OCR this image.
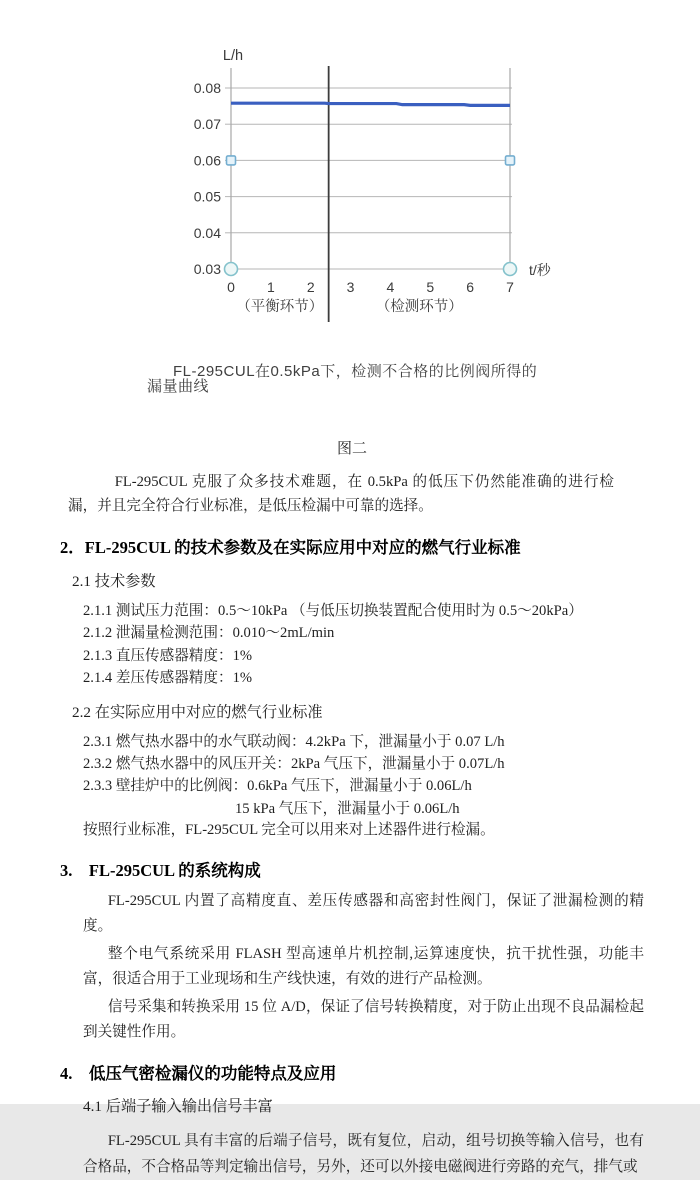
0.03
0.04
0.05
0.06
0.07
0.08
L/h
t/秒
0 1 2 3 4 5 6 7
（平衡环节）	（检测环节）
FL-295CUL在0.5kPa下，检测不合格的比例阀所得的
漏量曲线
图二

FL-295CUL 克服了众多技术难题，在 0.5kPa 的低压下仍然能准确的进行检漏，并且完全符合行业标准，是低压检漏中可靠的选择。

2．FL-295CUL 的技术参数及在实际应用中对应的燃气行业标准
2.1 技术参数
2.1.1 测试压力范围：0.5～10kPa （与低压切换装置配合使用时为 0.5～20kPa）
2.1.2 泄漏量检测范围：0.010～2mL/min
2.1.3 直压传感器精度：1%
2.1.4 差压传感器精度：1%
2.2 在实际应用中对应的燃气行业标准
2.3.1 燃气热水器中的水气联动阀：4.2kPa 下，泄漏量小于 0.07 L/h
2.3.2 燃气热水器中的风压开关：2kPa 气压下，泄漏量小于 0.07L/h
2.3.3 壁挂炉中的比例阀：0.6kPa 气压下，泄漏量小于 0.06L/h
15 kPa 气压下，泄漏量小于 0.06L/h
按照行业标准，FL-295CUL 完全可以用来对上述器件进行检漏。
3.　FL-295CUL 的系统构成

FL-295CUL 内置了高精度直、差压传感器和高密封性阀门，保证了泄漏检测的精度。

整个电气系统采用 FLASH 型高速单片机控制,运算速度快，抗干扰性强，功能丰富，很适合用于工业现场和生产线快速，有效的进行产品检测。

信号采集和转换采用 15 位 A/D，保证了信号转换精度，对于防止出现不良品漏检起到关键性作用。

4.　低压气密检漏仪的功能特点及应用
4.1 后端子输入输出信号丰富

FL-295CUL 具有丰富的后端子信号，既有复位，启动，组号切换等输入信号，也有合格品，不合格品等判定输出信号，另外，还可以外接电磁阀进行旁路的充气，排气或
